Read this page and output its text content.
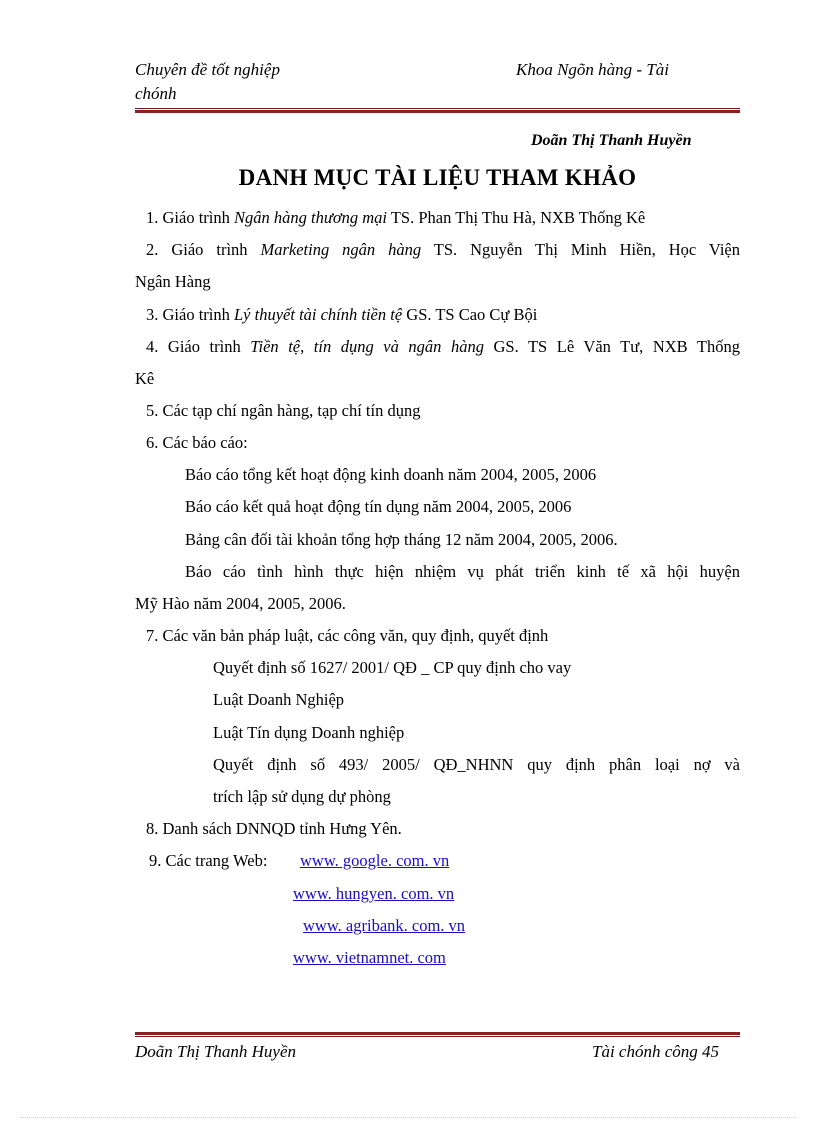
Chuyên đề tốt nghiệp
chónh
Khoa Ngõn hàng - Tài
Doãn Thị Thanh Huyền
DANH MỤC TÀI LIỆU THAM KHẢO
1. Giáo trình Ngân hàng thương mại TS. Phan Thị Thu Hà, NXB Thống Kê
2. Giáo trình Marketing ngân hàng TS. Nguyễn Thị Minh Hiền, Học Viện
Ngân Hàng
3. Giáo trình Lý thuyết tài chính tiền tệ GS. TS Cao Cự Bội
4. Giáo trình Tiền tệ, tín dụng và ngân hàng GS. TS Lê Văn Tư, NXB Thống
Kê
5. Các tạp chí ngân hàng, tạp chí tín dụng
6. Các báo cáo:
Báo cáo tổng kết hoạt động kinh doanh năm 2004, 2005, 2006
Báo cáo kết quả hoạt động tín dụng năm 2004, 2005, 2006
Bảng cân đối tài khoản tổng hợp tháng 12 năm 2004, 2005, 2006.
Báo cáo tình hình thực hiện nhiệm vụ phát triển kinh tế xã hội huyện
Mỹ Hào năm 2004, 2005, 2006.
7. Các văn bản pháp luật, các công văn, quy định, quyết định
Quyết định số 1627/ 2001/ QĐ _ CP quy định cho vay
Luật Doanh Nghiệp
Luật Tín dụng Doanh nghiệp
Quyết định số 493/ 2005/ QĐ_NHNN quy định phân loại nợ và
trích lập sử dụng dự phòng
8. Danh sách DNNQD tỉnh Hưng Yên.
9. Các trang Web: www. google. com. vn
www. hungyen. com. vn
www. agribank. com. vn
www. vietnamnet. com
Doãn Thị Thanh Huyền	Tài chónh công 45
